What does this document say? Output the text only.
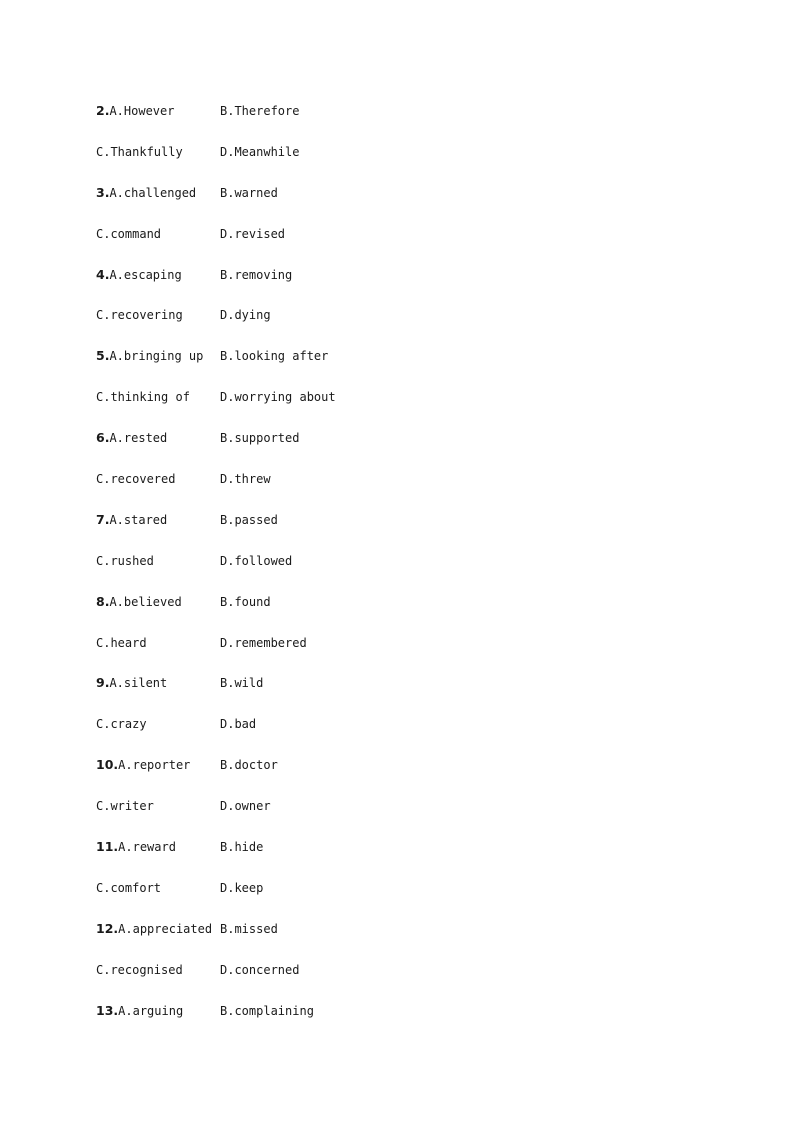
2.A.However	B.Therefore
C.Thankfully	D.Meanwhile
3.A.challenged B.warned
C.command	D.revised
4.A.escaping	B.removing
C.recovering	D.dying
5.A.bringing up B.looking after
C.thinking of	D.worrying about
6.A.rested	B.supported
C.recovered	D.threw
7.A.stared	B.passed
C.rushed	D.followed
8.A.believed	B.found
C.heard	D.remembered
9.A.silent	B.wild
C.crazy	D.bad
10.A.reporter B.doctor
C.writer	D.owner
11.A.reward	B.hide
C.comfort	D.keep
12.A.appreciated B.missed
C.recognised	D.concerned
13.A.arguing	B.complaining
